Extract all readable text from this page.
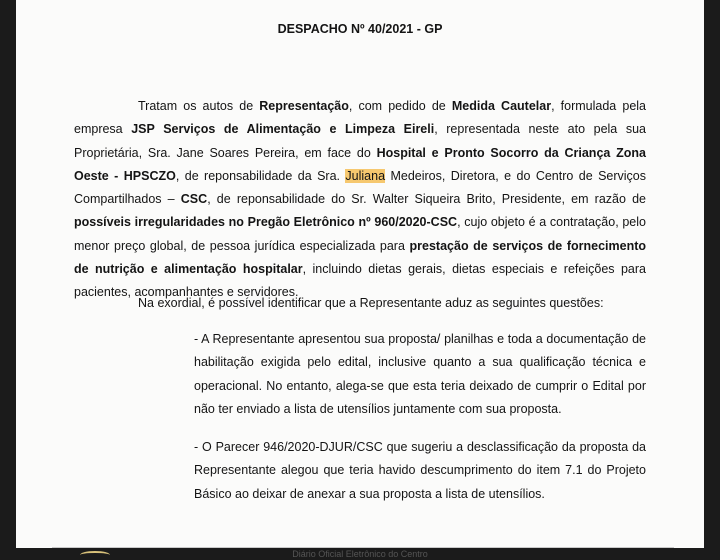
DESPACHO Nº 40/2021 - GP

Tratam os autos de Representação, com pedido de Medida Cautelar, formulada pela empresa JSP Serviços de Alimentação e Limpeza Eireli, representada neste ato pela sua Proprietária, Sra. Jane Soares Pereira, em face do Hospital e Pronto Socorro da Criança Zona Oeste - HPSCZO, de reponsabilidade da Sra. Juliana Medeiros, Diretora, e do Centro de Serviços Compartilhados – CSC, de reponsabilidade do Sr. Walter Siqueira Brito, Presidente, em razão de possíveis irregularidades no Pregão Eletrônico nº 960/2020-CSC, cujo objeto é a contratação, pelo menor preço global, de pessoa jurídica especializada para prestação de serviços de fornecimento de nutrição e alimentação hospitalar, incluindo dietas gerais, dietas especiais e refeições para pacientes, acompanhantes e servidores.

Na exordial, é possível identificar que a Representante aduz as seguintes questões:

- A Representante apresentou sua proposta/ planilhas e toda a documentação de habilitação exigida pelo edital, inclusive quanto a sua qualificação técnica e operacional. No entanto, alega-se que esta teria deixado de cumprir o Edital por não ter enviado a lista de utensílios juntamente com sua proposta.

- O Parecer 946/2020-DJUR/CSC que sugeriu a desclassificação da proposta da Representante alegou que teria havido descumprimento do item 7.1 do Projeto Básico ao deixar de anexar a sua proposta a lista de utensílios.

Diário Oficial Eletrônico do Centro
